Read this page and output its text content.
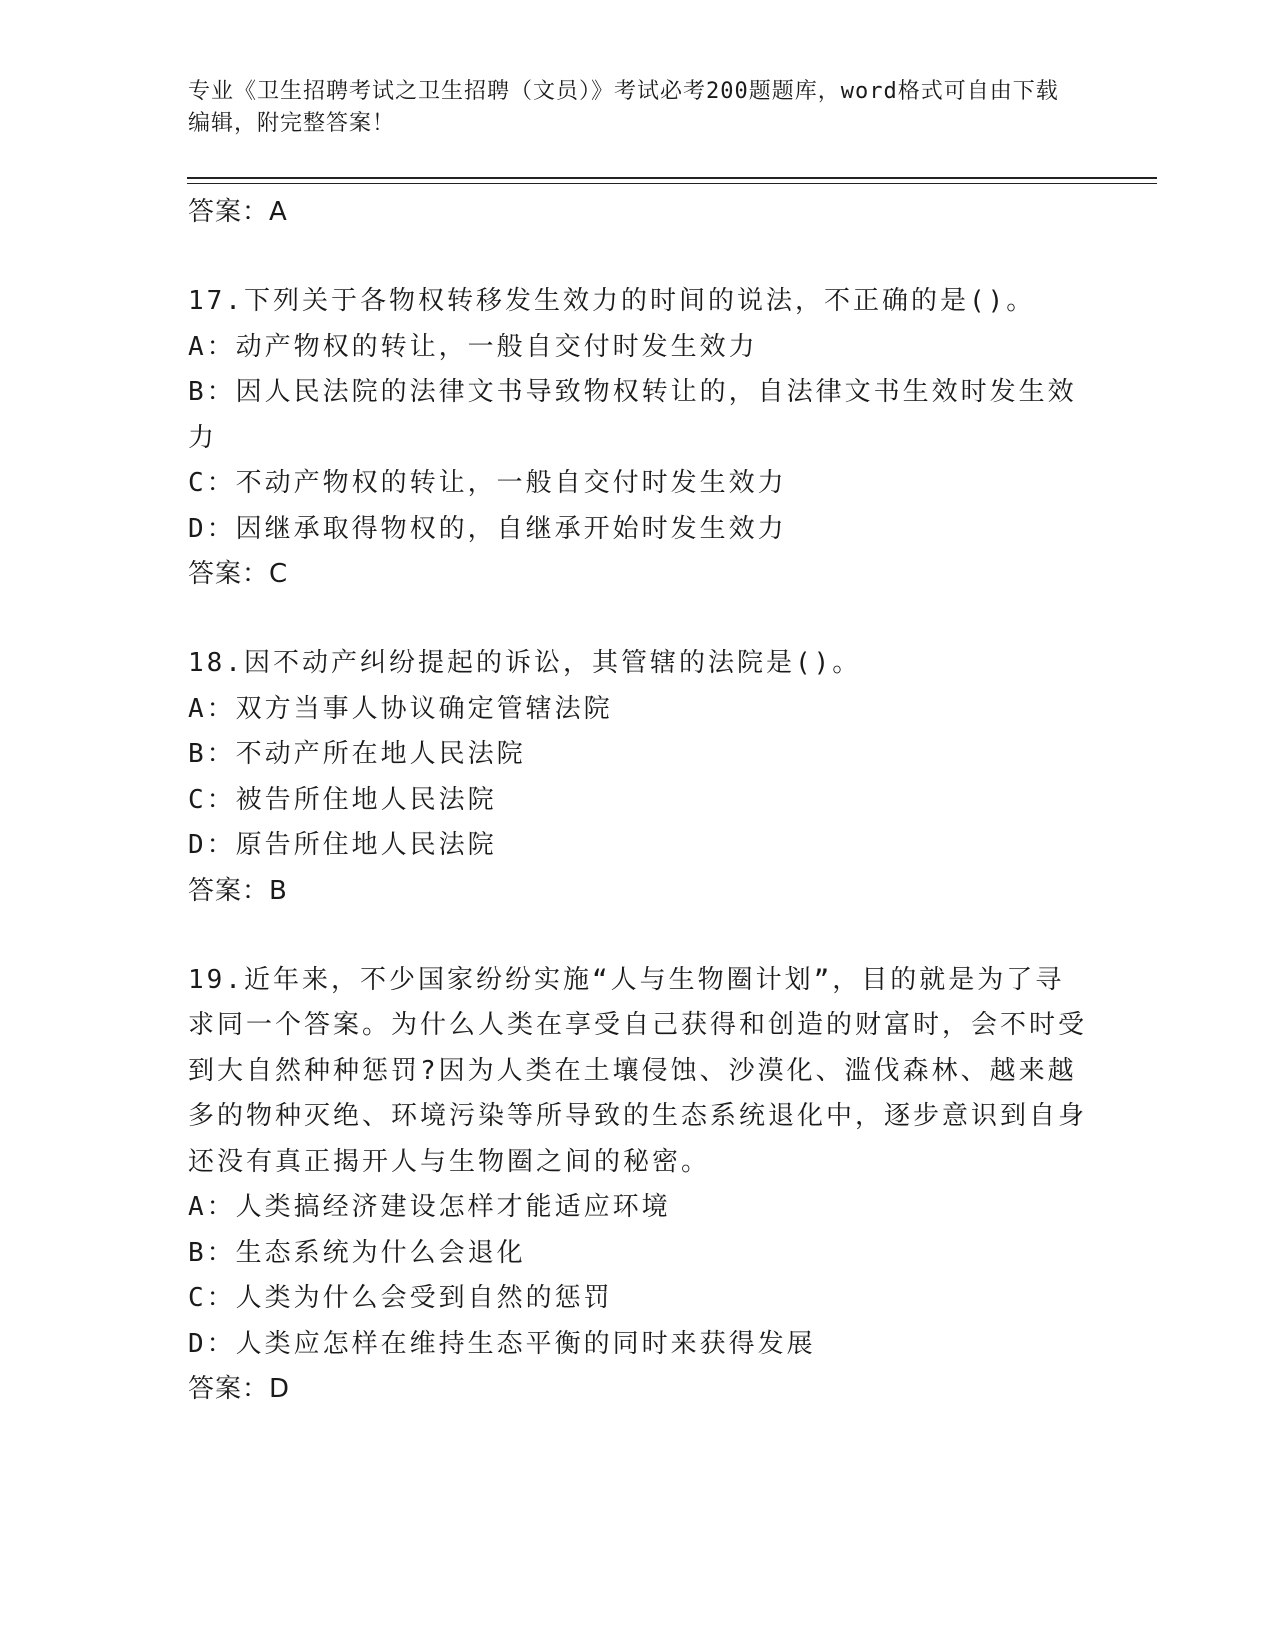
专业《卫生招聘考试之卫生招聘（文员）》考试必考200题题库，word格式可自由下载编辑，附完整答案！
答案：A
17.下列关于各物权转移发生效力的时间的说法，不正确的是()。
A：动产物权的转让，一般自交付时发生效力
B：因人民法院的法律文书导致物权转让的，自法律文书生效时发生效力
C：不动产物权的转让，一般自交付时发生效力
D：因继承取得物权的，自继承开始时发生效力
答案：C
18.因不动产纠纷提起的诉讼，其管辖的法院是()。
A：双方当事人协议确定管辖法院
B：不动产所在地人民法院
C：被告所住地人民法院
D：原告所住地人民法院
答案：B
19.近年来，不少国家纷纷实施“人与生物圈计划”，目的就是为了寻求同一个答案。为什么人类在享受自己获得和创造的财富时，会不时受到大自然种种惩罚?因为人类在土壤侵蚀、沙漠化、滥伐森林、越来越多的物种灭绝、环境污染等所导致的生态系统退化中，逐步意识到自身还没有真正揭开人与生物圈之间的秘密。
A：人类搞经济建设怎样才能适应环境
B：生态系统为什么会退化
C：人类为什么会受到自然的惩罚
D：人类应怎样在维持生态平衡的同时来获得发展
答案：D
